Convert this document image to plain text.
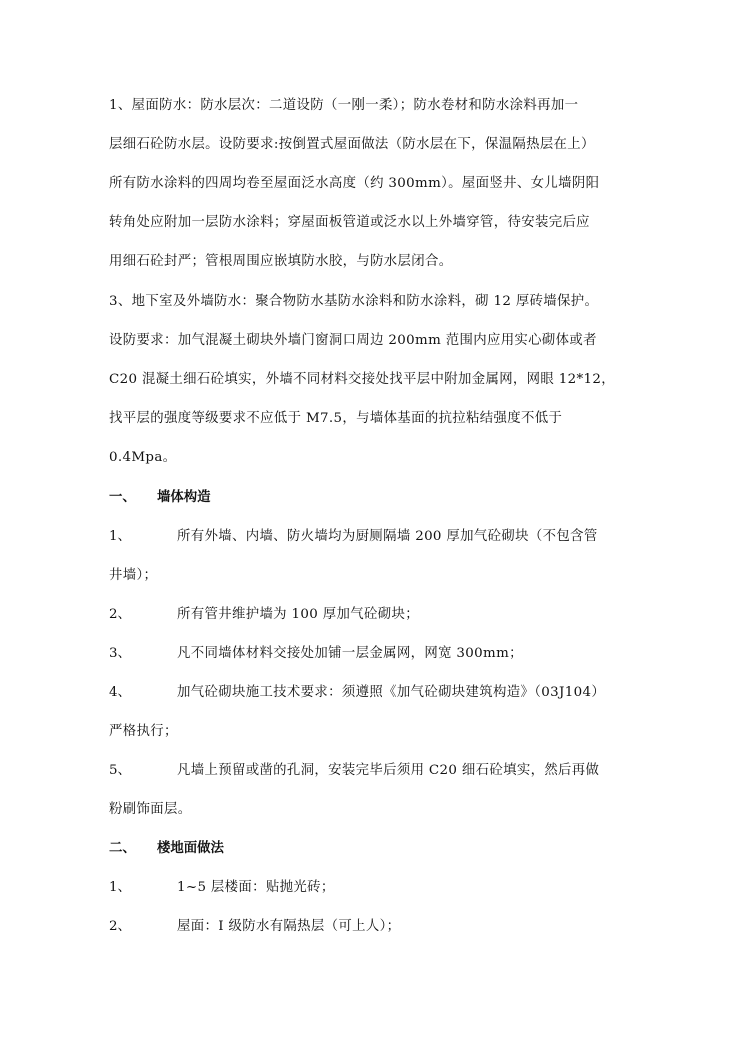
1、屋面防水：防水层次：二道设防（一刚一柔）；防水卷材和防水涂料再加一
层细石砼防水层。设防要求:按倒置式屋面做法（防水层在下，保温隔热层在上）
所有防水涂料的四周均卷至屋面泛水高度（约 300mm）。屋面竖井、女儿墙阴阳
转角处应附加一层防水涂料；穿屋面板管道或泛水以上外墙穿管，待安装完后应
用细石砼封严；管根周围应嵌填防水胶，与防水层闭合。
3、地下室及外墙防水：聚合物防水基防水涂料和防水涂料，砌 12 厚砖墙保护。
设防要求：加气混凝土砌块外墙门窗洞口周边 200mm 范围内应用实心砌体或者
C20 混凝土细石砼填实，外墙不同材料交接处找平层中附加金属网，网眼 12*12，
找平层的强度等级要求不应低于 M7.5，与墙体基面的抗拉粘结强度不低于
0.4Mpa。
一、 墙体构造
1、	所有外墙、内墙、防火墙均为厨厕隔墙 200 厚加气砼砌块（不包含管
井墙）；
2、	所有管井维护墙为 100 厚加气砼砌块；
3、	凡不同墙体材料交接处加铺一层金属网，网宽 300mm；
4、	加气砼砌块施工技术要求：须遵照《加气砼砌块建筑构造》（03J104）
严格执行；
5、	凡墙上预留或凿的孔洞，安装完毕后须用 C20 细石砼填实，然后再做
粉刷饰面层。
二、 楼地面做法
1、	1~5 层楼面：贴抛光砖；
2、	屋面：I 级防水有隔热层（可上人）；
